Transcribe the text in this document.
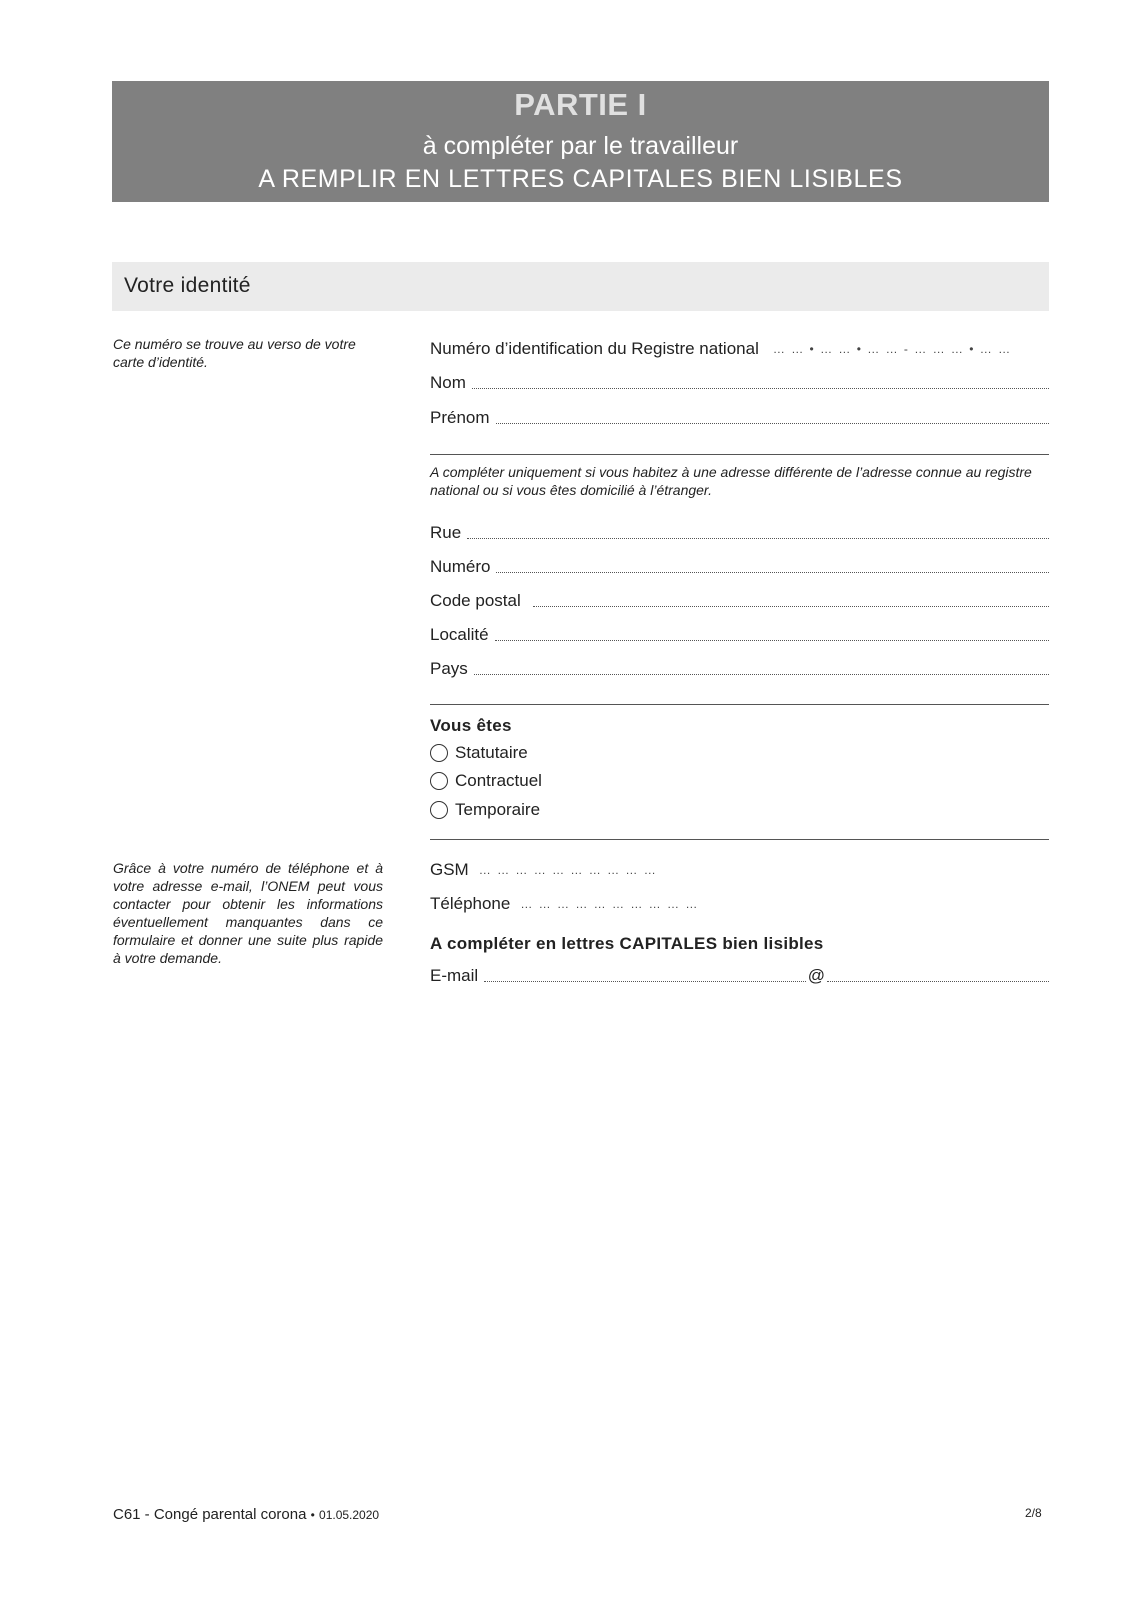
PARTIE I
à compléter par le travailleur
A REMPLIR EN LETTRES CAPITALES BIEN LISIBLES
Votre identité
Ce numéro se trouve au verso de votre carte d’identité.
Grâce à votre numéro de téléphone et à votre adresse e-mail, l’ONEM peut vous contacter pour obtenir les informations éventuellement manquantes dans ce formulaire et donner une suite plus rapide à votre demande.
Numéro d’identification du Registre national	… … • … … • … … - … … … • … …
Nom
Prénom
A compléter uniquement si vous habitez à une adresse différente de l’adresse connue au registre national ou si vous êtes domicilié à l’étranger.
Rue
Numéro
Code postal
Localité
Pays
Vous êtes
Statutaire
Contractuel
Temporaire
GSM … … … … … … … … … …
Téléphone … … … … … … … … … …
A compléter en lettres CAPITALES bien lisibles
E-mail	@
C61 - Congé parental corona • 01.05.2020	2/8
